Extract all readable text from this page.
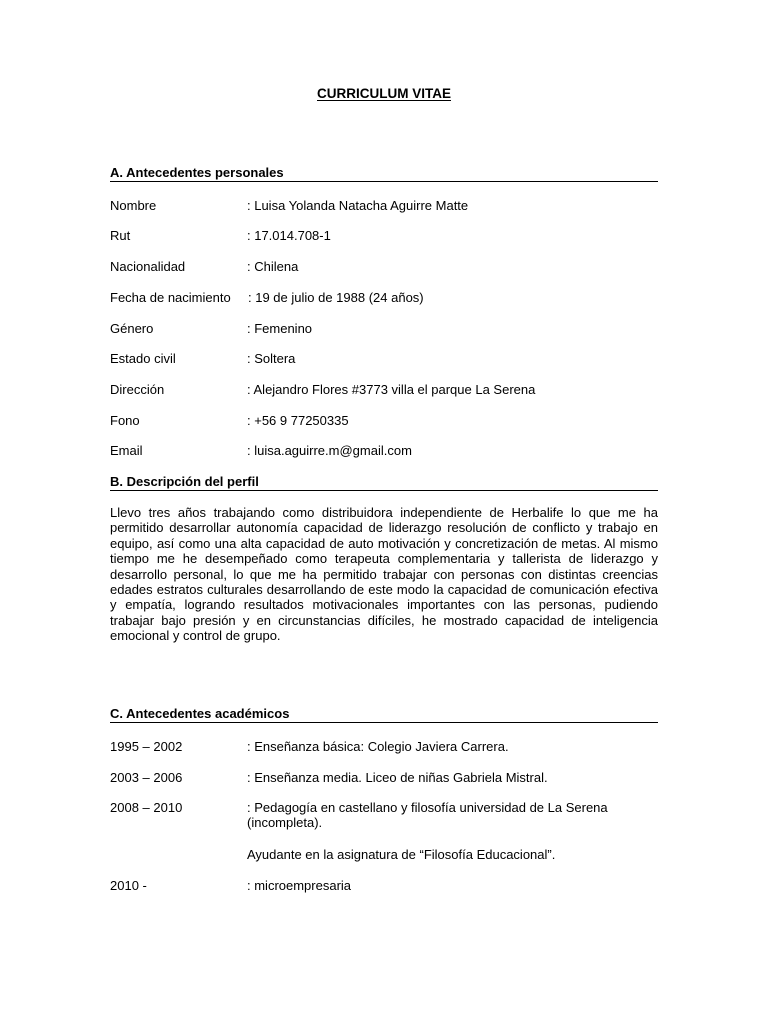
CURRICULUM VITAE
A. Antecedentes personales
Nombre	: Luisa Yolanda Natacha Aguirre Matte
Rut	: 17.014.708-1
Nacionalidad	: Chilena
Fecha de nacimiento : 19 de julio de 1988 (24 años)
Género	: Femenino
Estado civil	: Soltera
Dirección	: Alejandro Flores #3773 villa el parque La Serena
Fono	: +56 9 77250335
Email	: luisa.aguirre.m@gmail.com
B. Descripción del perfil
Llevo tres años trabajando como distribuidora independiente de Herbalife lo que me ha permitido desarrollar autonomía capacidad de liderazgo resolución de conflicto y trabajo en equipo, así como una alta capacidad de auto motivación y concretización de metas. Al mismo tiempo me he desempeñado como terapeuta complementaria y tallerista de liderazgo y desarrollo personal, lo que me ha permitido trabajar con personas con distintas creencias edades estratos culturales desarrollando de este modo la capacidad de comunicación efectiva y empatía, logrando resultados motivacionales importantes con las personas, pudiendo trabajar bajo presión y en circunstancias difíciles, he mostrado capacidad de inteligencia emocional y control de grupo.
C. Antecedentes académicos
1995 – 2002	: Enseñanza básica: Colegio Javiera Carrera.
2003 – 2006	: Enseñanza media. Liceo de niñas Gabriela Mistral.
2008 – 2010	: Pedagogía en castellano y filosofía universidad de La Serena (incompleta).
Ayudante en la asignatura de “Filosofía Educacional”.
2010 -	: microempresaria
